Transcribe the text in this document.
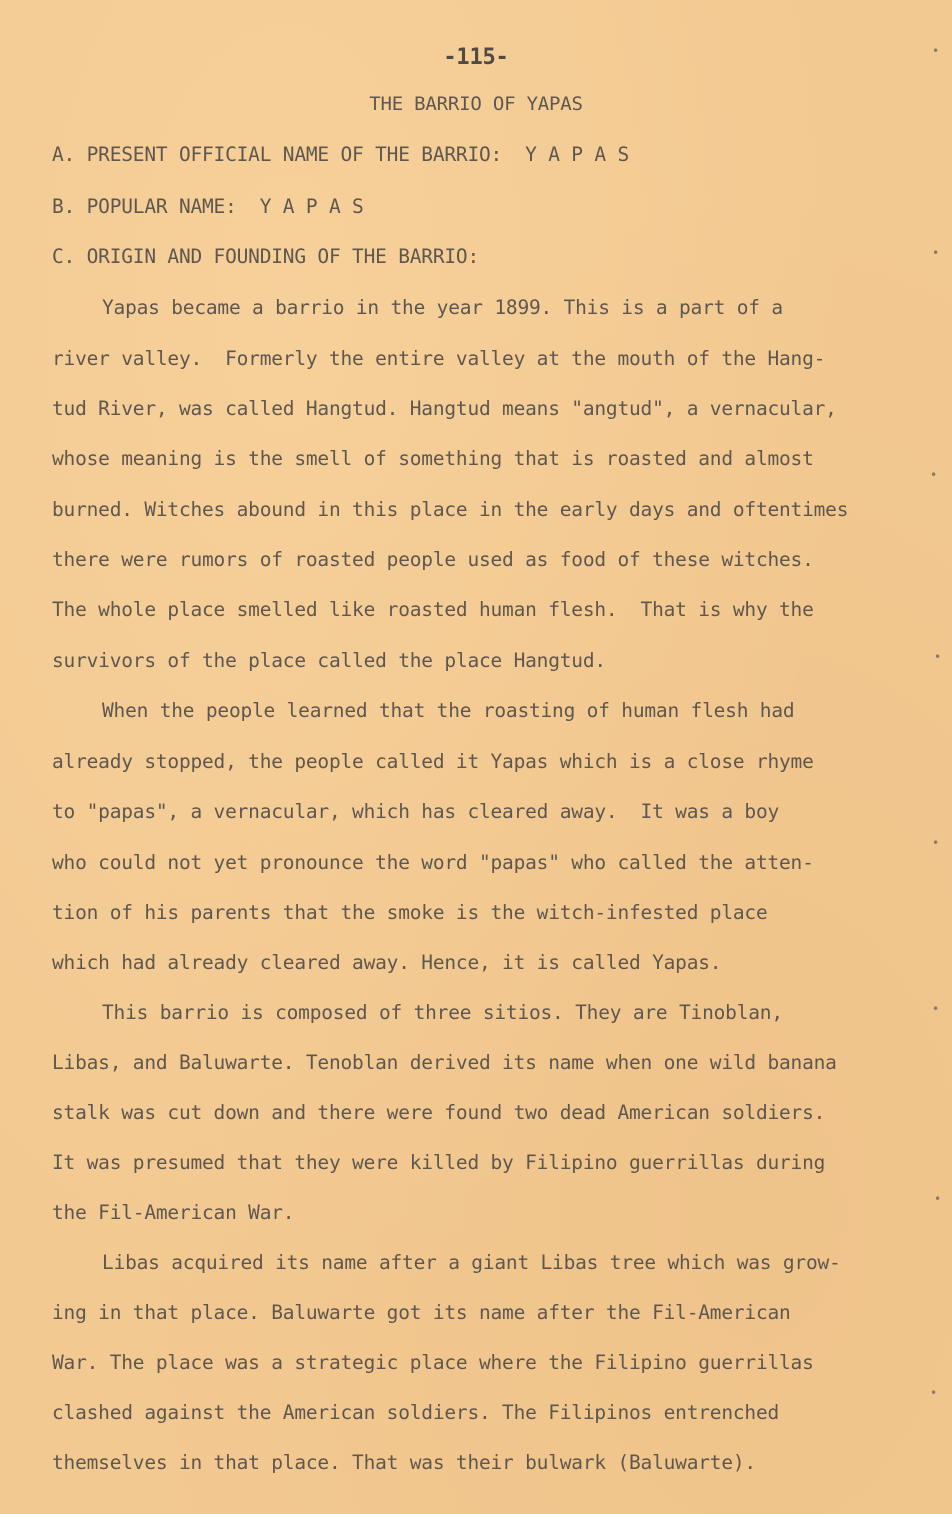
-115-
THE BARRIO OF YAPAS
A. PRESENT OFFICIAL NAME OF THE BARRIO:  Y A P A S
B. POPULAR NAME:  Y A P A S
C. ORIGIN AND FOUNDING OF THE BARRIO:
Yapas became a barrio in the year 1899. This is a part of a
river valley.  Formerly the entire valley at the mouth of the Hang-
tud River, was called Hangtud. Hangtud means "angtud", a vernacular,
whose meaning is the smell of something that is roasted and almost
burned. Witches abound in this place in the early days and oftentimes
there were rumors of roasted people used as food of these witches.
The whole place smelled like roasted human flesh.  That is why the
survivors of the place called the place Hangtud.
When the people learned that the roasting of human flesh had
already stopped, the people called it Yapas which is a close rhyme
to "papas", a vernacular, which has cleared away.  It was a boy
who could not yet pronounce the word "papas" who called the atten-
tion of his parents that the smoke is the witch-infested place
which had already cleared away. Hence, it is called Yapas.
This barrio is composed of three sitios. They are Tinoblan,
Libas, and Baluwarte. Tenoblan derived its name when one wild banana
stalk was cut down and there were found two dead American soldiers.
It was presumed that they were killed by Filipino guerrillas during
the Fil-American War.
Libas acquired its name after a giant Libas tree which was grow-
ing in that place. Baluwarte got its name after the Fil-American
War. The place was a strategic place where the Filipino guerrillas
clashed against the American soldiers. The Filipinos entrenched
themselves in that place. That was their bulwark (Baluwarte).
•
•
•
•
•
•
•
•
